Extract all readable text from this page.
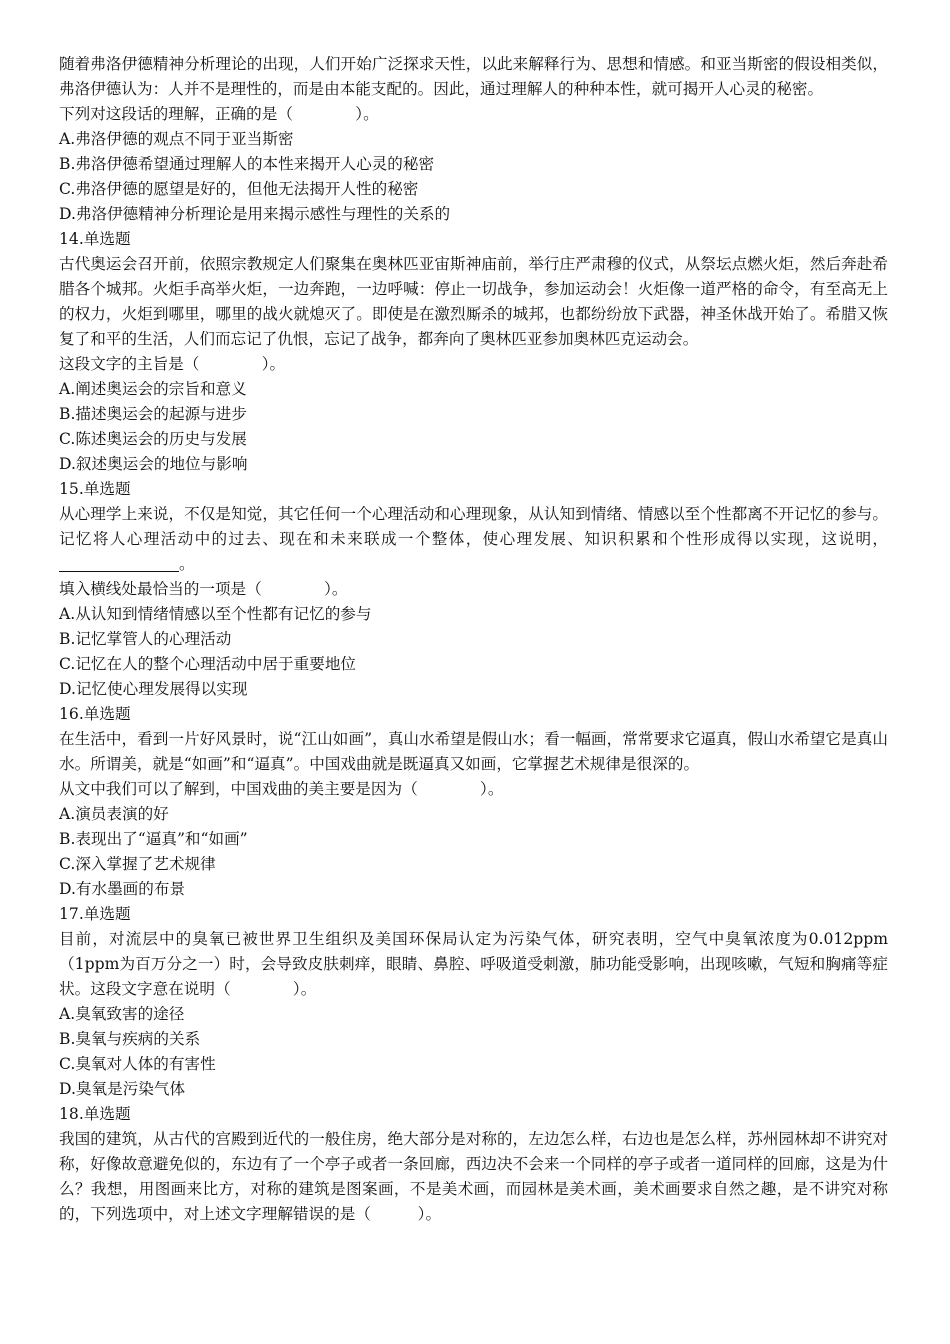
随着弗洛伊德精神分析理论的出现，人们开始广泛探求天性，以此来解释行为、思想和情感。和亚当斯密的假设相类似，弗洛伊德认为：人并不是理性的，而是由本能支配的。因此，通过理解人的种种本性，就可揭开人心灵的秘密。

下列对这段话的理解，正确的是（　　　　）。

A.弗洛伊德的观点不同于亚当斯密

B.弗洛伊德希望通过理解人的本性来揭开人心灵的秘密

C.弗洛伊德的愿望是好的，但他无法揭开人性的秘密

D.弗洛伊德精神分析理论是用来揭示感性与理性的关系的

14.单选题

古代奥运会召开前，依照宗教规定人们聚集在奥林匹亚宙斯神庙前，举行庄严肃穆的仪式，从祭坛点燃火炬，然后奔赴希腊各个城邦。火炬手高举火炬，一边奔跑，一边呼喊：停止一切战争，参加运动会！火炬像一道严格的命令，有至高无上的权力，火炬到哪里，哪里的战火就熄灭了。即使是在激烈厮杀的城邦，也都纷纷放下武器，神圣休战开始了。希腊又恢复了和平的生活，人们而忘记了仇恨，忘记了战争，都奔向了奥林匹亚参加奥林匹克运动会。

这段文字的主旨是（　　　　）。

A.阐述奥运会的宗旨和意义

B.描述奥运会的起源与进步

C.陈述奥运会的历史与发展

D.叙述奥运会的地位与影响

15.单选题

从心理学上来说，不仅是知觉，其它任何一个心理活动和心理现象，从认知到情绪、情感以至个性都离不开记忆的参与。记忆将人心理活动中的过去、现在和未来联成一个整体，使心理发展、知识积累和个性形成得以实现，这说明，。

填入横线处最恰当的一项是（　　　　）。

A.从认知到情绪情感以至个性都有记忆的参与

B.记忆掌管人的心理活动

C.记忆在人的整个心理活动中居于重要地位

D.记忆使心理发展得以实现

16.单选题

在生活中，看到一片好风景时，说“江山如画”，真山水希望是假山水；看一幅画，常常要求它逼真，假山水希望它是真山水。所谓美，就是“如画”和“逼真”。中国戏曲就是既逼真又如画，它掌握艺术规律是很深的。

从文中我们可以了解到，中国戏曲的美主要是因为（　　　　）。

A.演员表演的好

B.表现出了“逼真”和“如画”

C.深入掌握了艺术规律

D.有水墨画的布景

17.单选题

目前，对流层中的臭氧已被世界卫生组织及美国环保局认定为污染气体，研究表明，空气中臭氧浓度为0.012ppm（1ppm为百万分之一）时，会导致皮肤刺痒，眼睛、鼻腔、呼吸道受刺激，肺功能受影响，出现咳嗽，气短和胸痛等症状。这段文字意在说明（　　　　）。

A.臭氧致害的途径

B.臭氧与疾病的关系

C.臭氧对人体的有害性

D.臭氧是污染气体

18.单选题

我国的建筑，从古代的宫殿到近代的一般住房，绝大部分是对称的，左边怎么样，右边也是怎么样，苏州园林却不讲究对称，好像故意避免似的，东边有了一个亭子或者一条回廊，西边决不会来一个同样的亭子或者一道同样的回廊，这是为什么？我想，用图画来比方，对称的建筑是图案画，不是美术画，而园林是美术画，美术画要求自然之趣，是不讲究对称的，下列选项中，对上述文字理解错误的是（　　　）。
